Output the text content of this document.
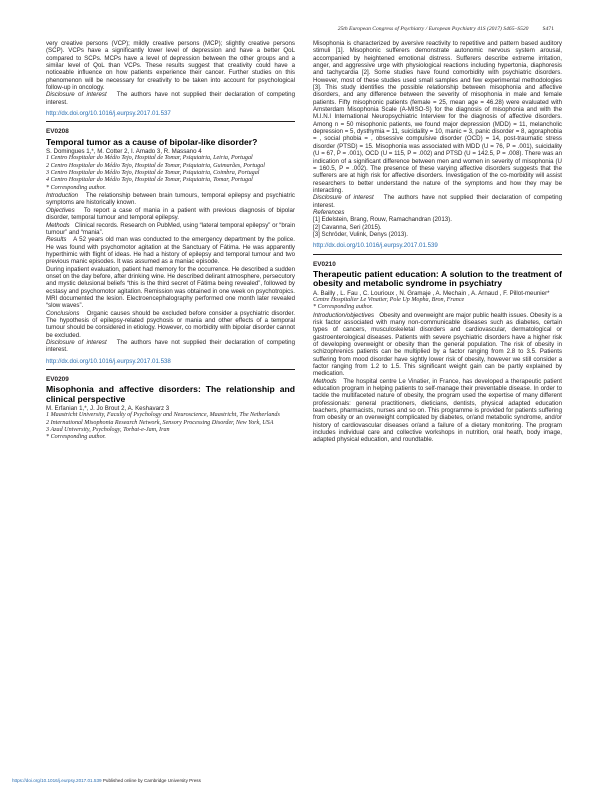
25th European Congress of Psychiatry / European Psychiatry 41S (2017) S465–S520	S471

very creative persons (VCP); mildly creative persons (MCP); slightly creative persons (SCP). VCPs have a significantly lower level of depression and have a better QoL compared to SCPs. MCPs have a level of depression between the other groups and a similar level of QoL than VCPs. These results suggest that creativity could have a noticeable influence on how patients experience their cancer. Further studies on this phenomenon will be necessary for creativity to be taken into account for psychological follow-up in oncology.

Disclosure of interest The authors have not supplied their declaration of competing interest.

http://dx.doi.org/10.1016/j.eurpsy.2017.01.537
EV0208
Temporal tumor as a cause of bipolar-like disorder?

S. Domingues 1,*, M. Cotter 2, I. Amado 3, R. Massano 4

1 Centro Hospitalar do Médio Tejo, Hospital de Tomar, Psiquiatria, Leiria, Portugal

2 Centro Hospitalar do Médio Tejo, Hospital de Tomar, Psiquiatria, Guimarães, Portugal

3 Centro Hospitalar do Médio Tejo, Hospital de Tomar, Psiquiatria, Coimbra, Portugal

4 Centro Hospitalar do Médio Tejo, Hospital de Tomar, Psiquiatria, Tomar, Portugal

* Corresponding author.

Introduction The relationship between brain tumours, temporal epilepsy and psychiatric symptoms are historically known.

Objectives To report a case of mania in a patient with previous diagnosis of bipolar disorder, temporal tumour and temporal epilepsy.

Methods Clinical records. Research on PubMed, using “lateral temporal epilepsy” or “brain tumour” and “mania”.

Results A 52 years old man was conducted to the emergency department by the police. He was found with psychomotor agitation at the Sanctuary of Fátima. He was apparently hyperthimic with flight of ideas. He had a history of epilepsy and temporal tumour and two previous manic episodes. It was assumed as a maniac episode.

During inpatient evaluation, patient had memory for the occurrence. He described a sudden onset on the day before, after drinking wine. He described delirant atmosphere, persecutory and mystic delusional beliefs “this is the third secret of Fátima being revealed”, followed by ecstasy and psychomotor agitation. Remission was obtained in one week on psychotropics. MRI documented the lesion. Electroencephalography performed one month later revealed “slow waves”.

Conclusions Organic causes should be excluded before consider a psychiatric disorder. The hypothesis of epilepsy-related psychosis or mania and other effects of a temporal tumour should be considered in etiology. However, co morbidity with bipolar disorder cannot be excluded.

Disclosure of interest The authors have not supplied their declaration of competing interest.

http://dx.doi.org/10.1016/j.eurpsy.2017.01.538
EV0209
Misophonia and affective disorders: The relationship and clinical perspective

M. Erfanian 1,*, J. Jo Brout 2, A. Keshavarz 3

1 Maastricht University, Faculty of Psychology and Neuroscience, Maastricht, The Netherlands

2 International Misophonia Research Network, Sensory Processing Disorder, New York, USA

3 Azad University, Psychology, Torbat-e-Jam, Iran

* Corresponding author.

Misophonia is characterized by aversive reactivity to repetitive and pattern based auditory stimuli [1]. Misophonic sufferers demonstrate autonomic nervous system arousal, accompanied by heightened emotional distress. Sufferers describe extreme irritation, anger, and aggressive urge with physiological reactions including hypertonia, diaphoresis and tachycardia [2]. Some studies have found comorbidity with psychiatric disorders. However, most of these studies used small samples and few experimental methodologies [3]. This study identifies the possible relationship between misophonia and affective disorders, and any difference between the severity of misophonia in male and female patients. Fifty misophonic patients (female = 25, mean age = 46.28) were evaluated with Amsterdam Misophonia Scale (A-MISO-S) for the diagnosis of misophonia and with the M.I.N.I International Neuropsychiatric Interview for the diagnosis of affective disorders. Among n = 50 misophonic patients, we found major depression (MDD) = 11, melancholic depression = 5, dysthymia = 11, suicidality = 10, manic = 3, panic disorder = 8, agoraphobia = , social phobia = , obsessive compulsive disorder (OCD) = 14, post-traumatic stress disorder (PTSD) = 15. Misophonia was associated with MDD (U = 76, P = .001), suicidality (U = 67, P = .001), OCD (U = 115, P = .002) and PTSD (U = 142.5, P = .008). There was an indication of a significant difference between men and women in severity of misophonia (U = 160.5, P = .002). The presence of these varying affective disorders suggests that the sufferers are at high risk for affective disorders. Investigation of the co-morbidity will assist researchers to better understand the nature of the symptoms and how they may be interacting.

Disclosure of interest The authors have not supplied their declaration of competing interest.

References

[1] Edelstein, Brang, Rouw, Ramachandran (2013).

[2] Cavanna, Seri (2015).

[3] Schröder, Vulink, Denys (2013).

http://dx.doi.org/10.1016/j.eurpsy.2017.01.539
EV0210
Therapeutic patient education: A solution to the treatment of obesity and metabolic syndrome in psychiatry

A. Bailly , L. Fau , C. Lourioux , N. Gramaje , A. Mechain , A. Arnaud , F. Pillot-meunier*

Centre Hospitalier Le Vinatier, Pole Up Mopha, Bron, France

* Corresponding author.

Introduction/objectives Obesity and overweight are major public health issues. Obesity is a risk factor associated with many non-communicable diseases such as diabetes, certain types of cancers, musculoskeletal disorders and cardiovascular, dermatological or gastroenterological diseases. Patients with severe psychiatric disorders have a higher risk of developing overweight or obesity than the general population. The risk of obesity in schizophrenics patients can be multiplied by a factor ranging from 2.8 to 3.5. Patients suffering from mood disorder have sightly lower risk of obesity, however we still consider a factor ranging from 1.2 to 1.5. This significant weight gain can be partly explained by medication.

Methods The hospital centre Le Vinatier, in France, has developed a therapeutic patient education program in helping patients to self-manage their preventable disease. In order to tackle the multifaceted nature of obesity, the program used the expertise of many different professionals: general practitioners, dieticians, dentists, physical adapted education teachers, pharmacists, nurses and so on. This programme is provided for patients suffering from obesity or an overweight complicated by diabetes, or/and metabolic syndrome, and/or history of cardiovascular diseases or/and a failure of a dietary monitoring. The program includes individual care and collective workshops in nutrition, oral heath, body image, adapted physical education, and roundtable.

https://doi.org/10.1016/j.eurpsy.2017.01.539 Published online by Cambridge University Press
